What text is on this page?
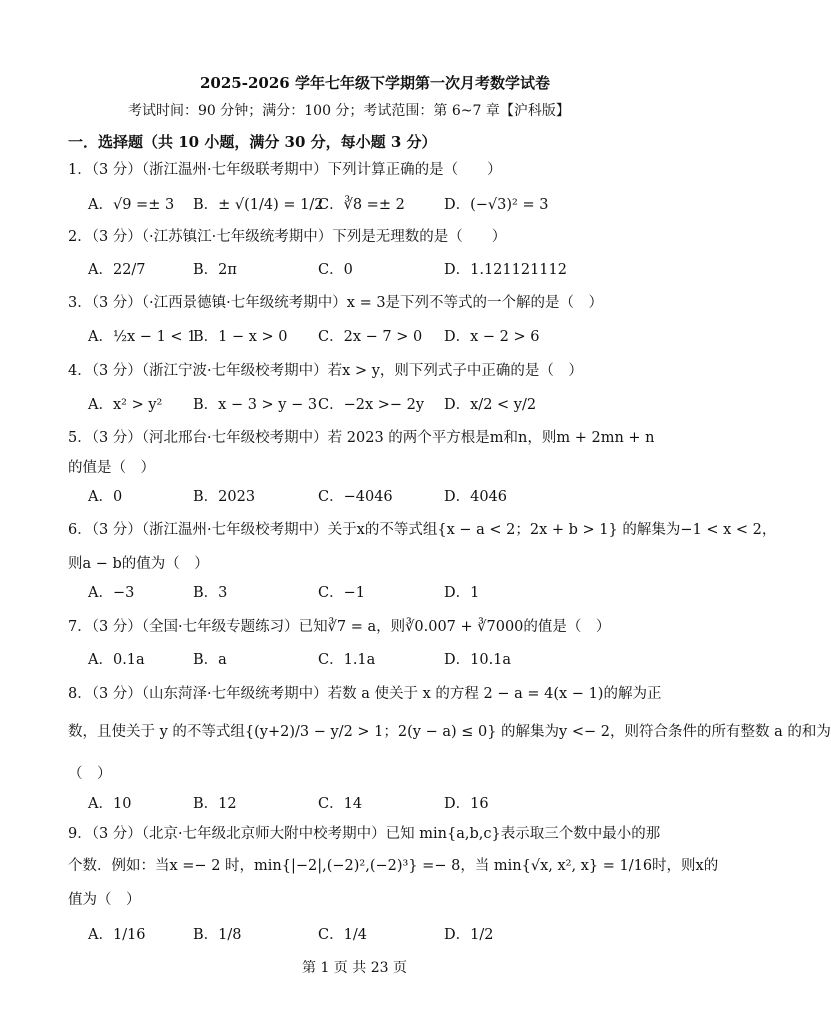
2025-2026 学年七年级下学期第一次月考数学试卷
考试时间：90 分钟；满分：100 分；考试范围：第 6~7 章【沪科版】
一．选择题（共 10 小题，满分 30 分，每小题 3 分）
1．（3 分）（浙江温州·七年级联考期中）下列计算正确的是（　　）
A．√9 =± 3 B．± √(1/4) = 1/2
C．∛8 =± 2	D．(−√3)² = 3
2．（3 分）（·江苏镇江·七年级统考期中）下列是无理数的是（　　）
A．22/7	B．2π	C．0	D．1.121121112
3．（3 分）（·江西景德镇·七年级统考期中）x = 3是下列不等式的一个解的是（　）
A．½x − 1 < 1
B．1 − x > 0 C．2x − 7 > 0 D．x − 2 > 6
4．（3 分）（浙江宁波·七年级校考期中）若x > y，则下列式子中正确的是（　）
A．x² > y² B．x − 3 > y − 3 C．−2x >− 2y D．x/2 < y/2
5．（3 分）（河北邢台·七年级校考期中）若 2023 的两个平方根是m和n，则m + 2mn + n
的值是（　）
A．0	B．2023	C．−4046	D．4046
6．（3 分）（浙江温州·七年级校考期中）关于x的不等式组{x − a < 2；2x + b > 1} 的解集为−1 < x < 2，
则a − b的值为（　）
A．−3	B．3	C．−1	D．1
7．（3 分）（全国·七年级专题练习）已知∛7 = a，则∛0.007 + ∛7000的值是（　）
A．0.1a	B．a	C．1.1a	D．10.1a
8．（3 分）（山东菏泽·七年级统考期中）若数 a 使关于 x 的方程 2 − a = 4(x − 1)的解为正
数，且使关于 y 的不等式组{(y+2)/3 − y/2 > 1；2(y − a) ≤ 0} 的解集为y <− 2，则符合条件的所有整数 a 的和为
（　）
A．10	B．12	C．14	D．16
9．（3 分）（北京·七年级北京师大附中校考期中）已知 min{a,b,c}表示取三个数中最小的那
个数．例如：当x =− 2 时，min{|−2|,(−2)²,(−2)³} =− 8，当 min{√x, x², x} = 1/16时，则x的
值为（　）
A．1/16	B．1/8	C．1/4	D．1/2
第 1 页 共 23 页
